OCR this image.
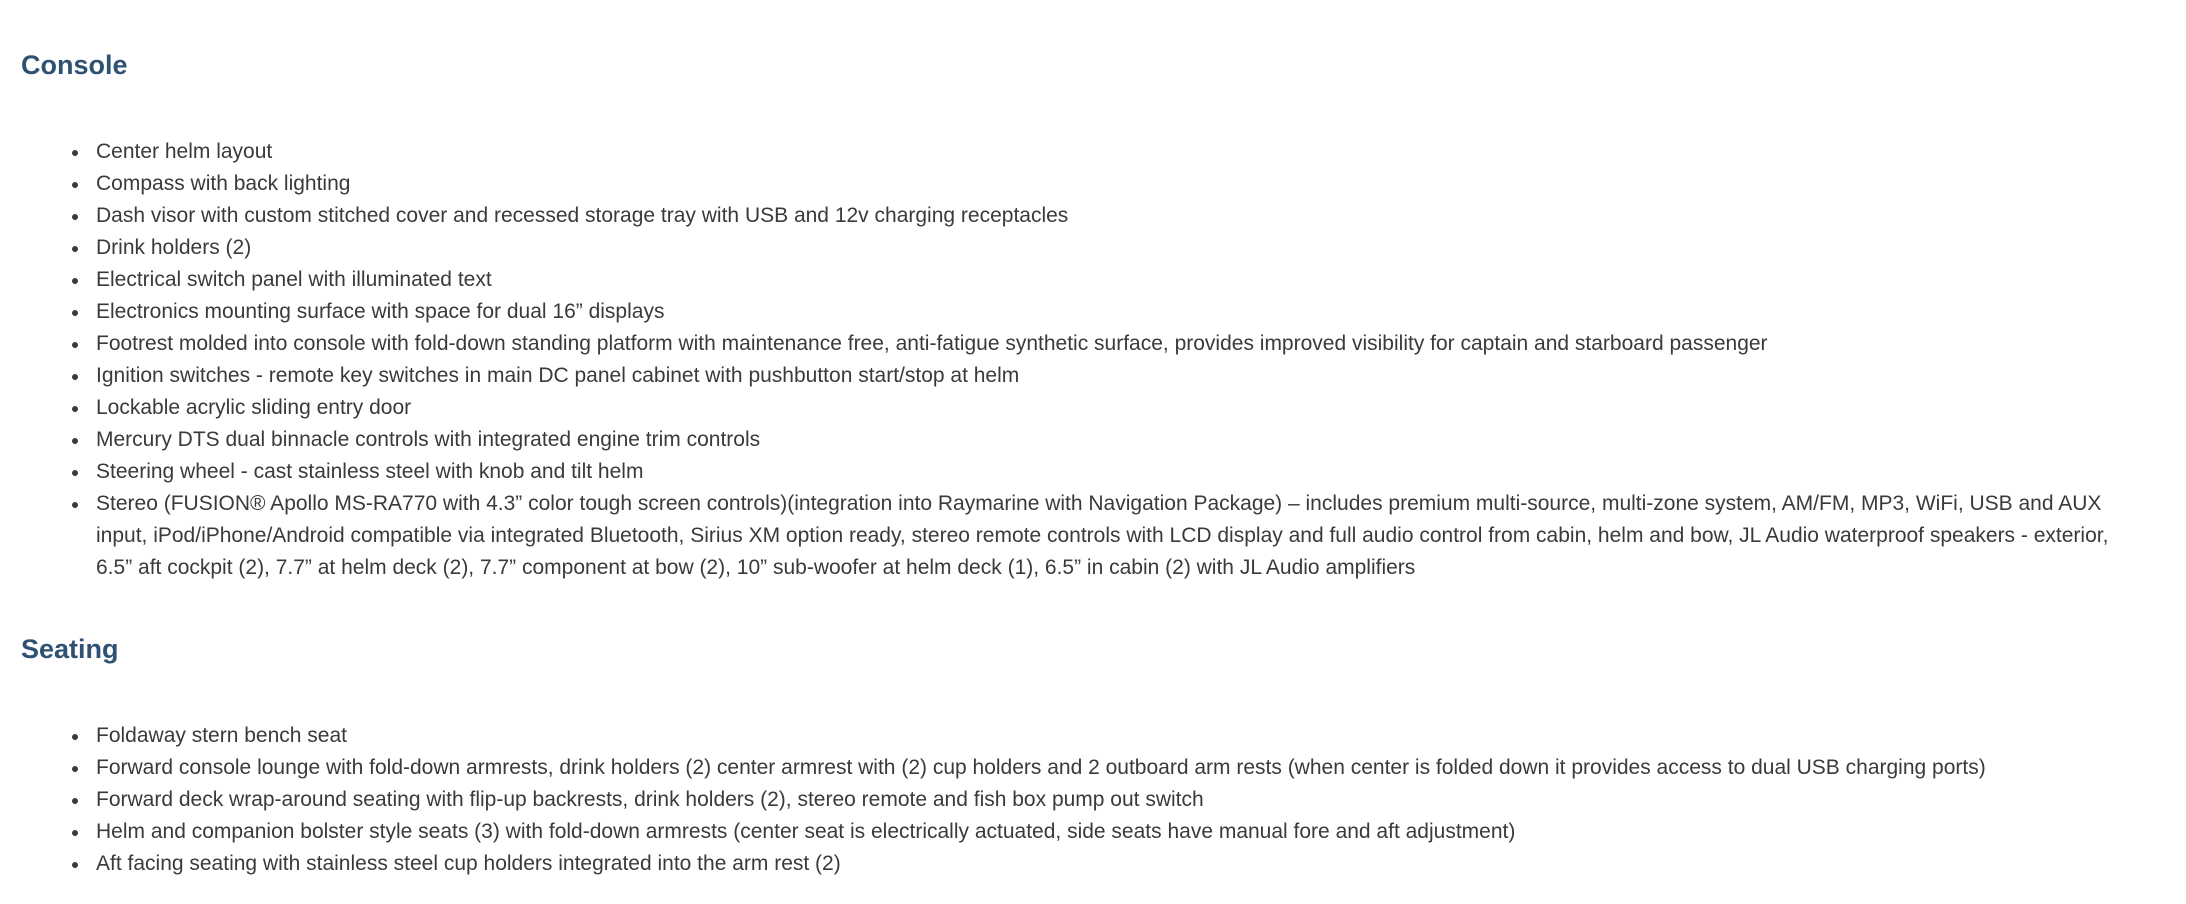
Console
Center helm layout
Compass with back lighting
Dash visor with custom stitched cover and recessed storage tray with USB and 12v charging receptacles
Drink holders (2)
Electrical switch panel with illuminated text
Electronics mounting surface with space for dual 16” displays
Footrest molded into console with fold-down standing platform with maintenance free, anti-fatigue synthetic surface, provides improved visibility for captain and starboard passenger
Ignition switches - remote key switches in main DC panel cabinet with pushbutton start/stop at helm
Lockable acrylic sliding entry door
Mercury DTS dual binnacle controls with integrated engine trim controls
Steering wheel - cast stainless steel with knob and tilt helm
Stereo (FUSION® Apollo MS-RA770 with 4.3” color tough screen controls)(integration into Raymarine with Navigation Package) – includes premium multi-source, multi-zone system, AM/FM, MP3, WiFi, USB and AUX input, iPod/iPhone/Android compatible via integrated Bluetooth, Sirius XM option ready, stereo remote controls with LCD display and full audio control from cabin, helm and bow, JL Audio waterproof speakers - exterior, 6.5” aft cockpit (2), 7.7” at helm deck (2), 7.7” component at bow (2), 10” sub-woofer at helm deck (1), 6.5” in cabin (2) with JL Audio amplifiers
Seating
Foldaway stern bench seat
Forward console lounge with fold-down armrests, drink holders (2) center armrest with (2) cup holders and 2 outboard arm rests (when center is folded down it provides access to dual USB charging ports)
Forward deck wrap-around seating with flip-up backrests, drink holders (2), stereo remote and fish box pump out switch
Helm and companion bolster style seats (3) with fold-down armrests (center seat is electrically actuated, side seats have manual fore and aft adjustment)
Aft facing seating with stainless steel cup holders integrated into the arm rest (2)
